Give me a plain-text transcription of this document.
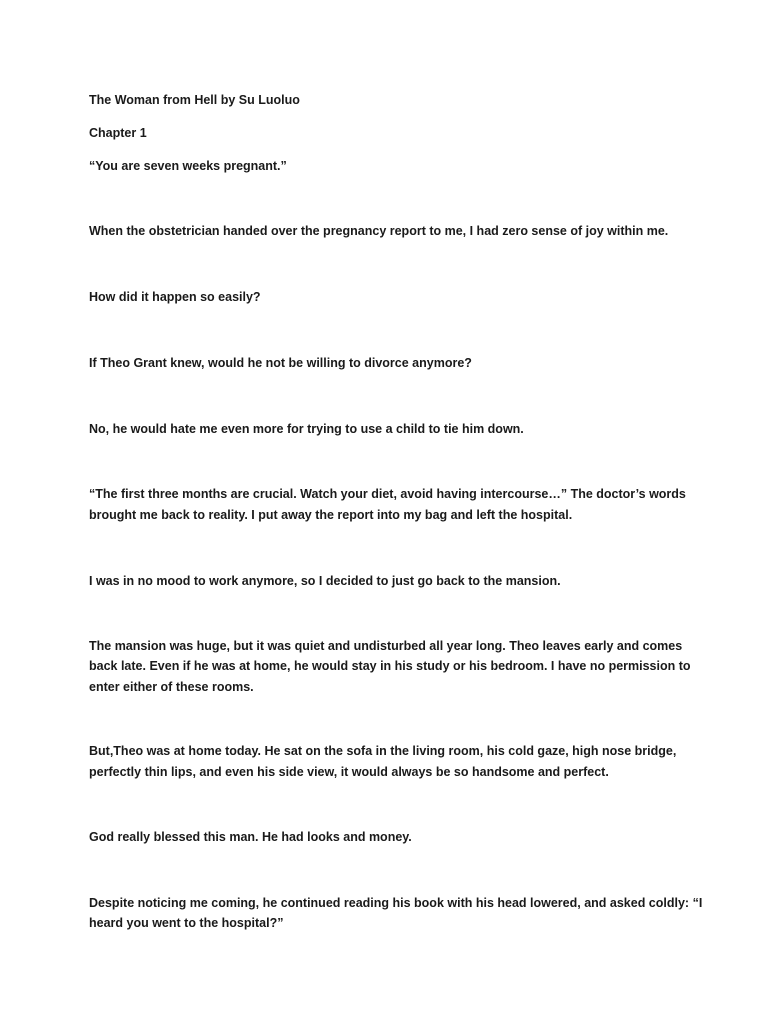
The Woman from Hell by Su Luoluo

Chapter 1

“You are seven weeks pregnant.”

When the obstetrician handed over the pregnancy report to me, I had zero sense of joy within me.

How did it happen so easily?

If Theo Grant knew, would he not be willing to divorce anymore?

No, he would hate me even more for trying to use a child to tie him down.

“The first three months are crucial. Watch your diet, avoid having intercourse…” The doctor’s words

brought me back to reality. I put away the report into my bag and left the hospital.

I was in no mood to work anymore, so I decided to just go back to the mansion.

The mansion was huge, but it was quiet and undisturbed all year long. Theo leaves early and comes

back late. Even if he was at home, he would stay in his study or his bedroom. I have no permission to

enter either of these rooms.

But,Theo was at home today. He sat on the sofa in the living room, his cold gaze, high nose bridge,

perfectly thin lips, and even his side view, it would always be so handsome and perfect.

God really blessed this man. He had looks and money.

Despite noticing me coming, he continued reading his book with his head lowered, and asked coldly: “I

heard you went to the hospital?”
